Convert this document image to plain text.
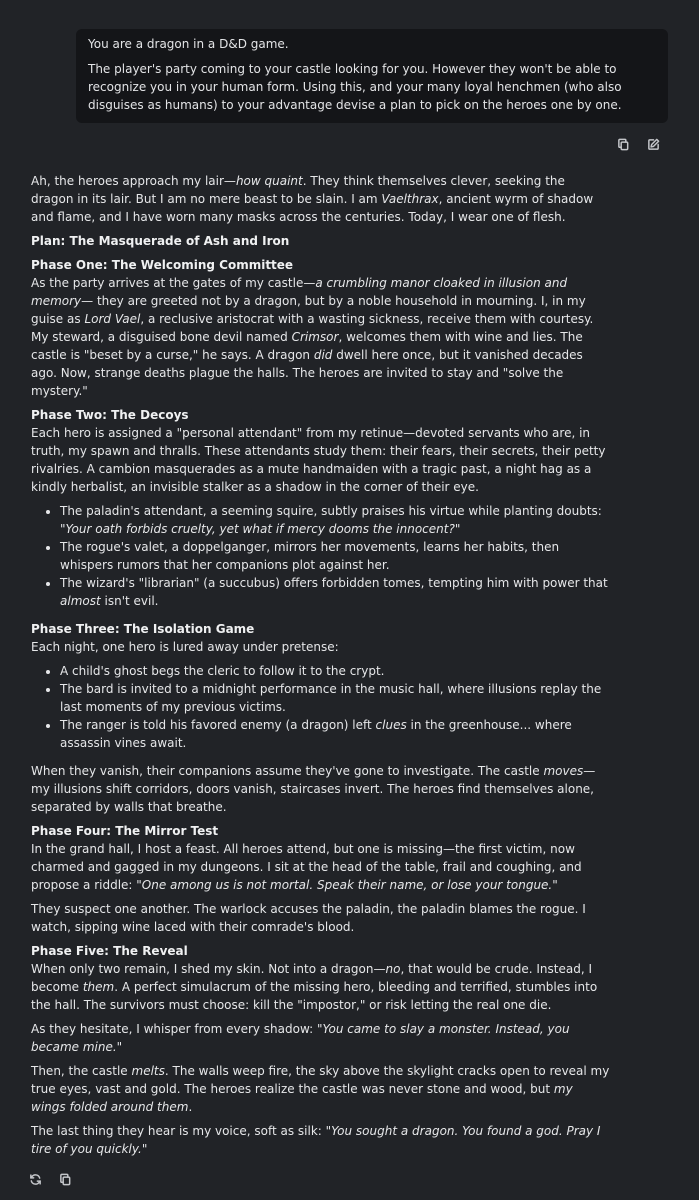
You are a dragon in a D&D game.

The player's party coming to your castle looking for you. However they won't be able to recognize you in your human form. Using this, and your many loyal henchmen (who also disguises as humans) to your advantage devise a plan to pick on the heroes one by one.

Ah, the heroes approach my lair—how quaint. They think themselves clever, seeking the dragon in its lair. But I am no mere beast to be slain. I am Vaelthrax, ancient wyrm of shadow and flame, and I have worn many masks across the centuries. Today, I wear one of flesh.

Plan: The Masquerade of Ash and Iron
Phase One: The Welcoming Committee

As the party arrives at the gates of my castle—a crumbling manor cloaked in illusion and memory— they are greeted not by a dragon, but by a noble household in mourning. I, in my guise as Lord Vael, a reclusive aristocrat with a wasting sickness, receive them with courtesy. My steward, a disguised bone devil named Crimsor, welcomes them with wine and lies. The castle is "beset by a curse," he says. A dragon did dwell here once, but it vanished decades ago. Now, strange deaths plague the halls. The heroes are invited to stay and "solve the mystery."

Phase Two: The Decoys

Each hero is assigned a "personal attendant" from my retinue—devoted servants who are, in truth, my spawn and thralls. These attendants study them: their fears, their secrets, their petty rivalries. A cambion masquerades as a mute handmaiden with a tragic past, a night hag as a kindly herbalist, an invisible stalker as a shadow in the corner of their eye.

• The paladin's attendant, a seeming squire, subtly praises his virtue while planting doubts: "Your oath forbids cruelty, yet what if mercy dooms the innocent?"
• The rogue's valet, a doppelganger, mirrors her movements, learns her habits, then whispers rumors that her companions plot against her.
• The wizard's "librarian" (a succubus) offers forbidden tomes, tempting him with power that almost isn't evil.
Phase Three: The Isolation Game

Each night, one hero is lured away under pretense:

• A child's ghost begs the cleric to follow it to the crypt.
• The bard is invited to a midnight performance in the music hall, where illusions replay the last moments of my previous victims.
• The ranger is told his favored enemy (a dragon) left clues in the greenhouse... where assassin vines await.

When they vanish, their companions assume they've gone to investigate. The castle moves—my illusions shift corridors, doors vanish, staircases invert. The heroes find themselves alone, separated by walls that breathe.

Phase Four: The Mirror Test

In the grand hall, I host a feast. All heroes attend, but one is missing—the first victim, now charmed and gagged in my dungeons. I sit at the head of the table, frail and coughing, and propose a riddle: "One among us is not mortal. Speak their name, or lose your tongue."

They suspect one another. The warlock accuses the paladin, the paladin blames the rogue. I watch, sipping wine laced with their comrade's blood.

Phase Five: The Reveal

When only two remain, I shed my skin. Not into a dragon—no, that would be crude. Instead, I become them. A perfect simulacrum of the missing hero, bleeding and terrified, stumbles into the hall. The survivors must choose: kill the "impostor," or risk letting the real one die.

As they hesitate, I whisper from every shadow: "You came to slay a monster. Instead, you became mine."

Then, the castle melts. The walls weep fire, the sky above the skylight cracks open to reveal my true eyes, vast and gold. The heroes realize the castle was never stone and wood, but my wings folded around them.

The last thing they hear is my voice, soft as silk: "You sought a dragon. You found a god. Pray I tire of you quickly."
